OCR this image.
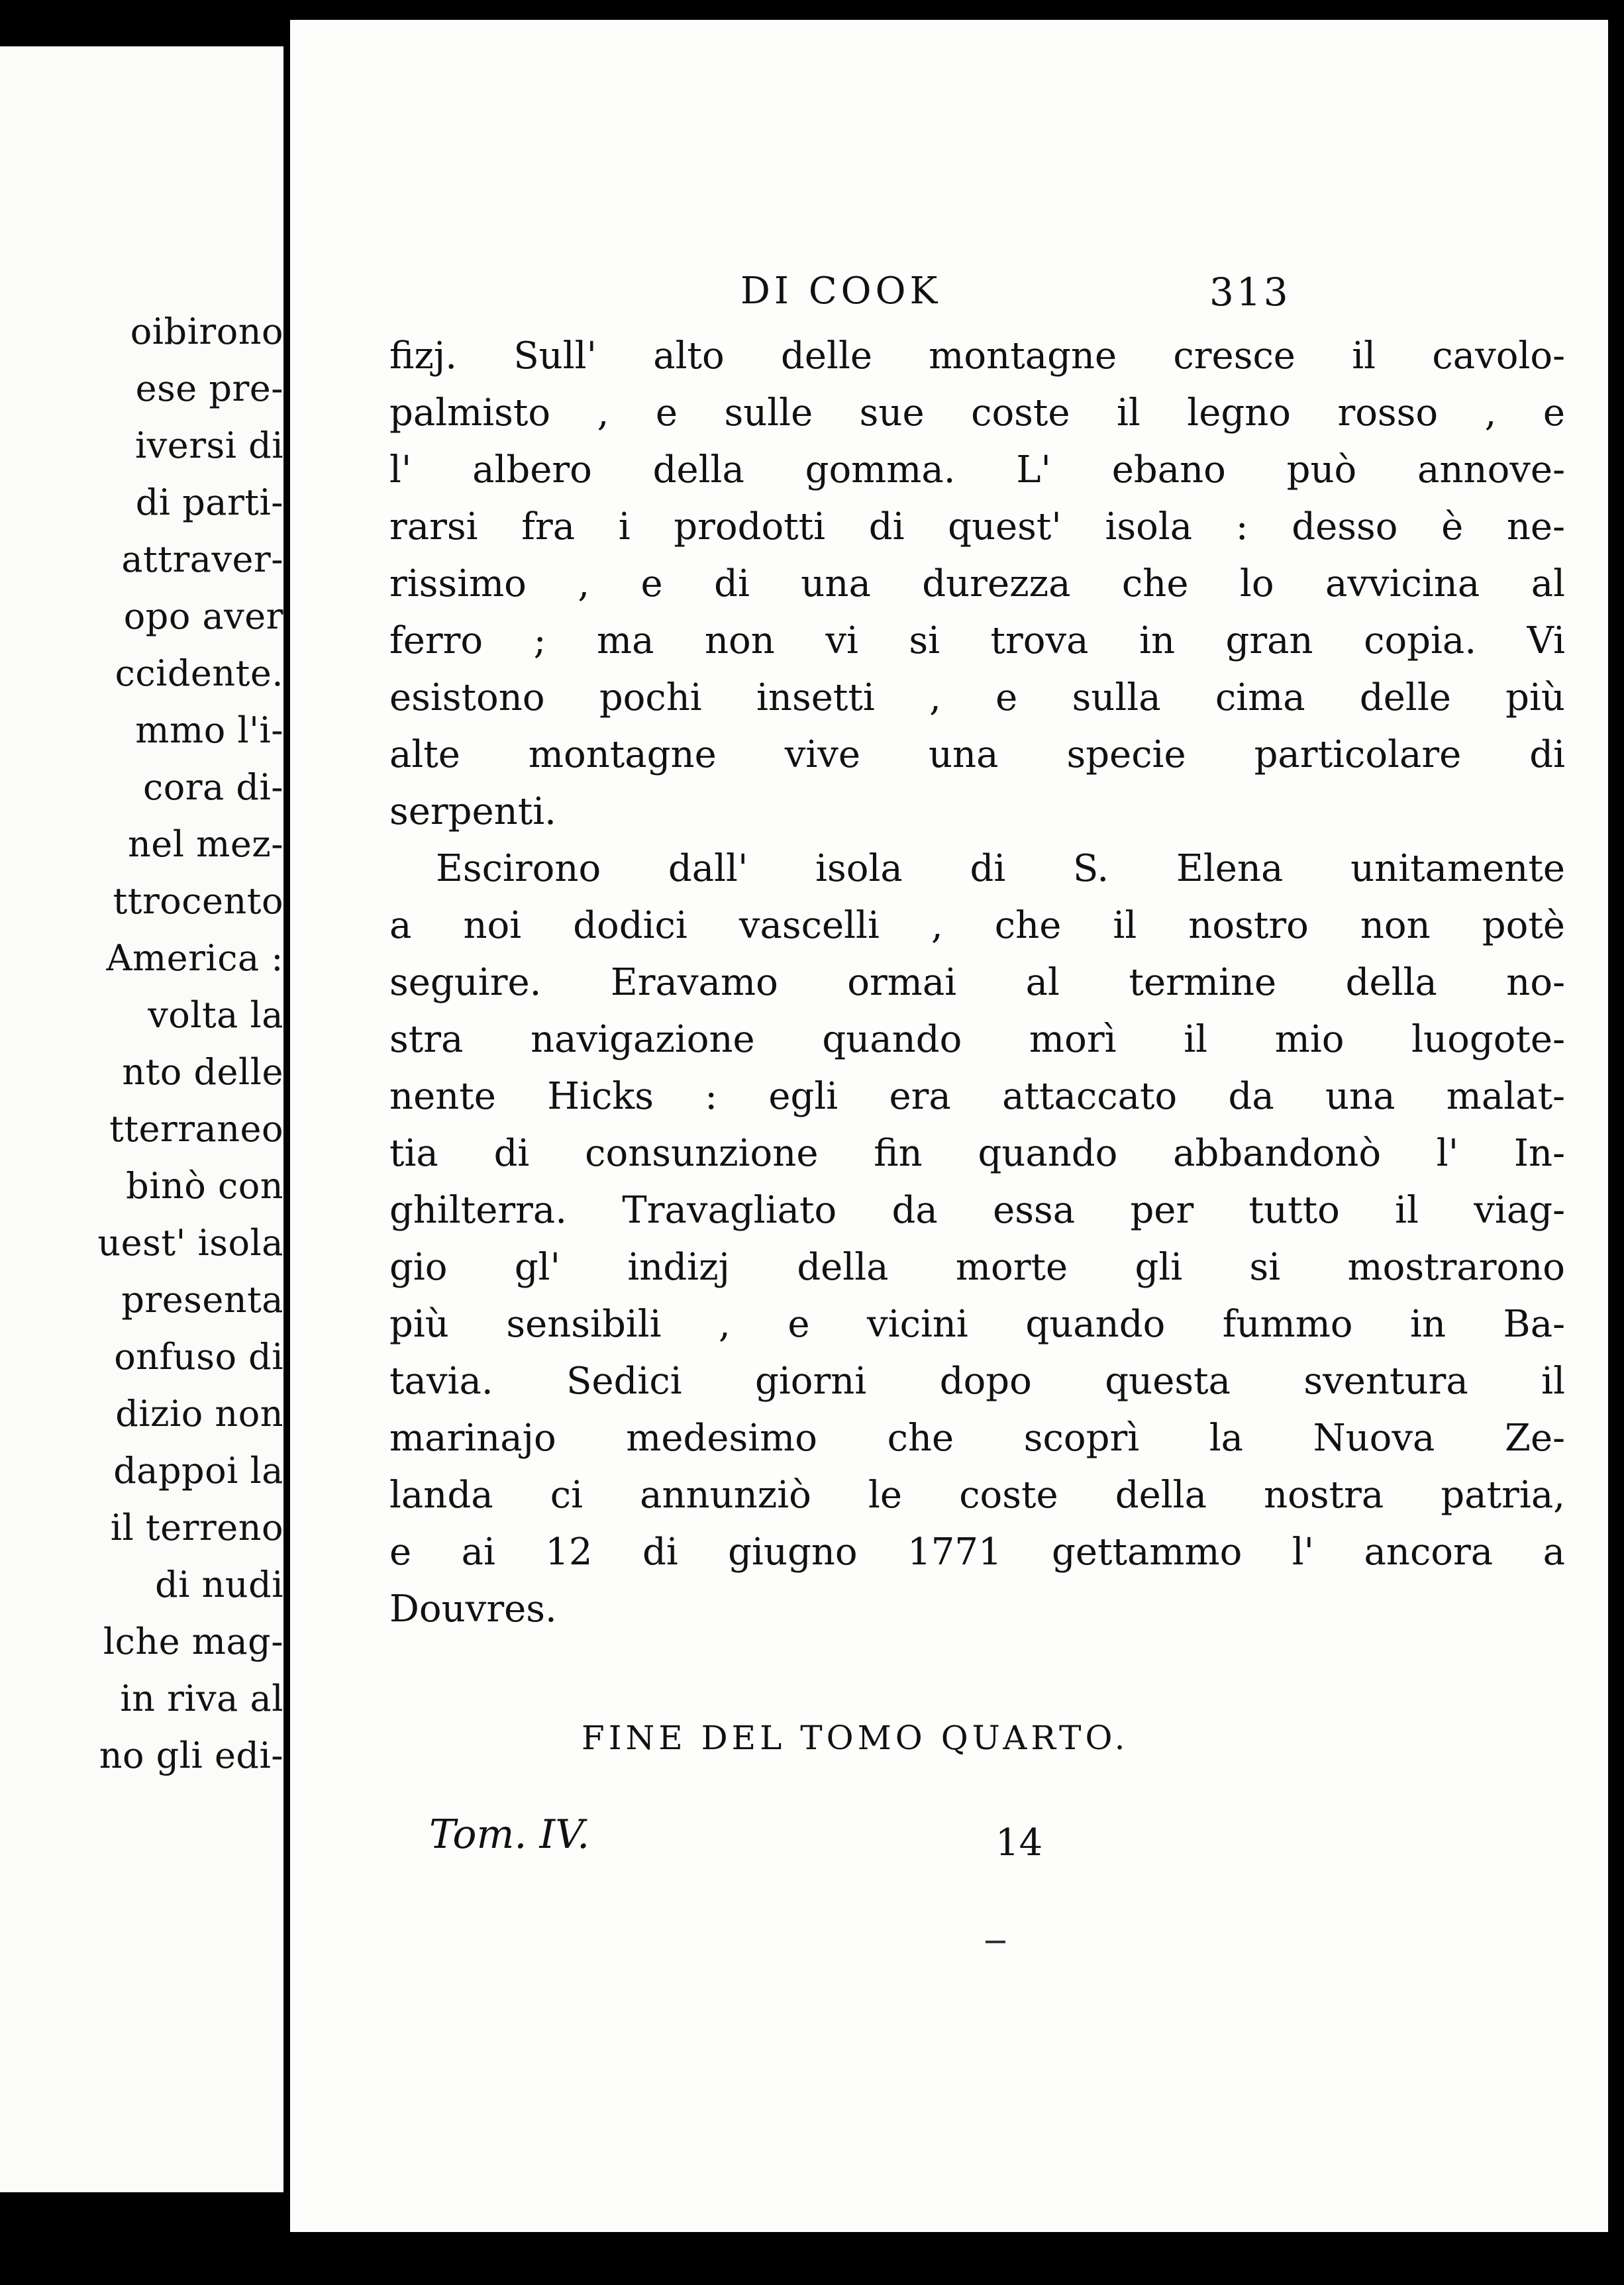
oibirono
ese pre-
iversi di
di parti-
attraver-
opo aver
ccidente.
mmo l'i-
cora di-
nel mez-
ttrocento
America :
volta la
nto delle
tterraneo
binò con
uest' isola
presenta
onfuso di
dizio non
dappoi la
il terreno
di nudi
lche mag-
in riva al
no gli edi-
DI COOK	313
fizj. Sull' alto delle montagne cresce il cavolo-
palmisto , e sulle sue coste il legno rosso , e
l' albero della gomma. L' ebano può annove-
rarsi fra i prodotti di quest' isola : desso è ne-
rissimo , e di una durezza che lo avvicina al
ferro ; ma non vi si trova in gran copia. Vi
esistono pochi insetti , e sulla cima delle più
alte montagne vive una specie particolare di
serpenti.
Escirono dall' isola di S. Elena unitamente
a noi dodici vascelli , che il nostro non potè
seguire. Eravamo ormai al termine della no-
stra navigazione quando morì il mio luogote-
nente Hicks : egli era attaccato da una malat-
tia di consunzione fin quando abbandonò l' In-
ghilterra. Travagliato da essa per tutto il viag-
gio gl' indizj della morte gli si mostrarono
più sensibili , e vicini quando fummo in Ba-
tavia. Sedici giorni dopo questa sventura il
marinajo medesimo che scoprì la Nuova Ze-
landa ci annunziò le coste della nostra patria,
e ai 12 di giugno 1771 gettammo l' ancora a
Douvres.
FINE DEL TOMO QUARTO.
Tom. IV.	14
